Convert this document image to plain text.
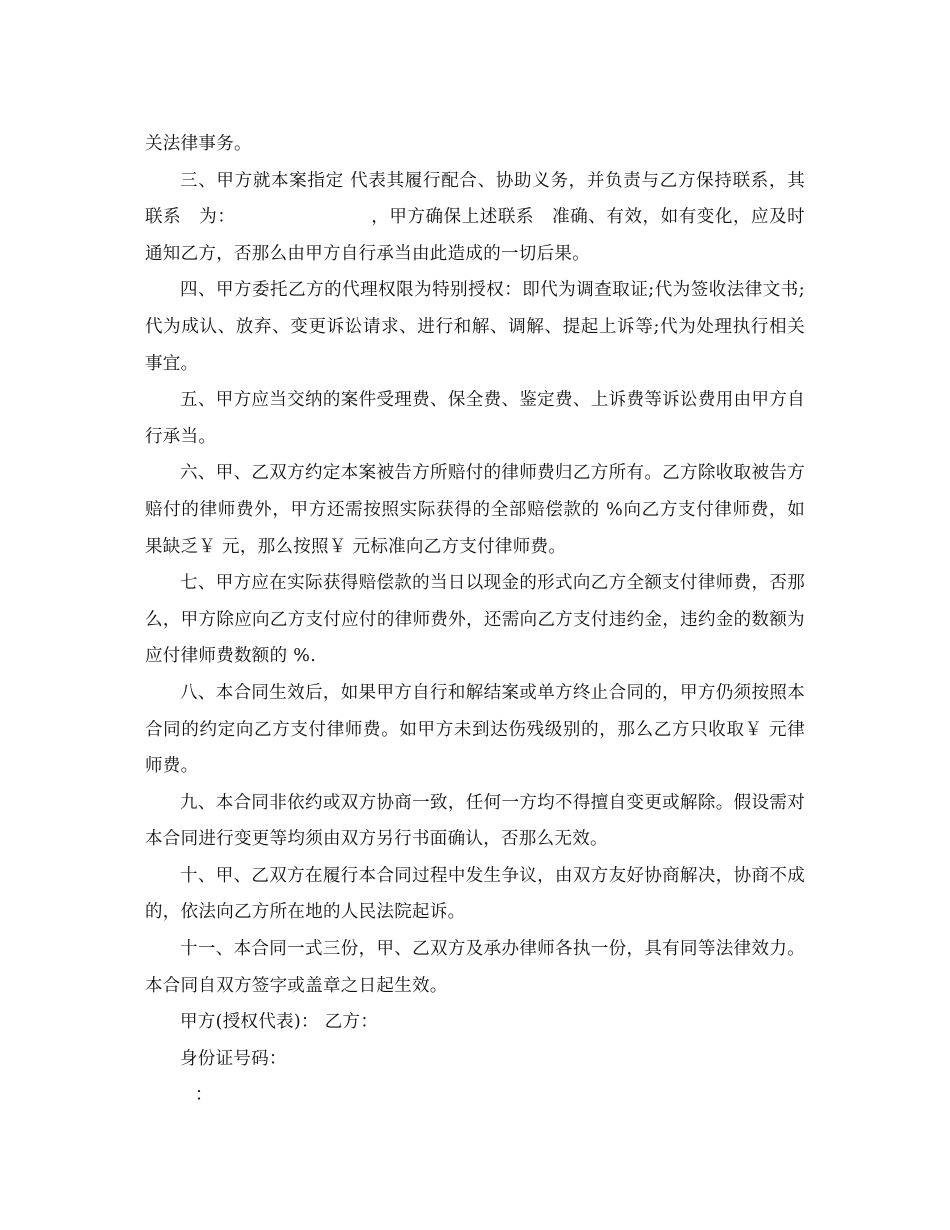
关法律事务。

三、甲方就本案指定 代表其履行配合、协助义务，并负责与乙方保持联系，其联系　为：　　　　　　　　，甲方确保上述联系　准确、有效，如有变化，应及时通知乙方，否那么由甲方自行承当由此造成的一切后果。

四、甲方委托乙方的代理权限为特别授权：即代为调查取证;代为签收法律文书;代为成认、放弃、变更诉讼请求、进行和解、调解、提起上诉等;代为处理执行相关事宜。

五、甲方应当交纳的案件受理费、保全费、鉴定费、上诉费等诉讼费用由甲方自行承当。

六、甲、乙双方约定本案被告方所赔付的律师费归乙方所有。乙方除收取被告方赔付的律师费外，甲方还需按照实际获得的全部赔偿款的 %向乙方支付律师费，如果缺乏￥ 元，那么按照￥ 元标准向乙方支付律师费。

七、甲方应在实际获得赔偿款的当日以现金的形式向乙方全额支付律师费，否那么，甲方除应向乙方支付应付的律师费外，还需向乙方支付违约金，违约金的数额为应付律师费数额的 %.

八、本合同生效后，如果甲方自行和解结案或单方终止合同的，甲方仍须按照本合同的约定向乙方支付律师费。如甲方未到达伤残级别的，那么乙方只收取￥ 元律师费。

九、本合同非依约或双方协商一致，任何一方均不得擅自变更或解除。假设需对本合同进行变更等均须由双方另行书面确认，否那么无效。

十、甲、乙双方在履行本合同过程中发生争议，由双方友好协商解决，协商不成的，依法向乙方所在地的人民法院起诉。

十一、本合同一式三份，甲、乙双方及承办律师各执一份，具有同等法律效力。本合同自双方签字或盖章之日起生效。

甲方(授权代表)： 乙方：

身份证号码：

：
